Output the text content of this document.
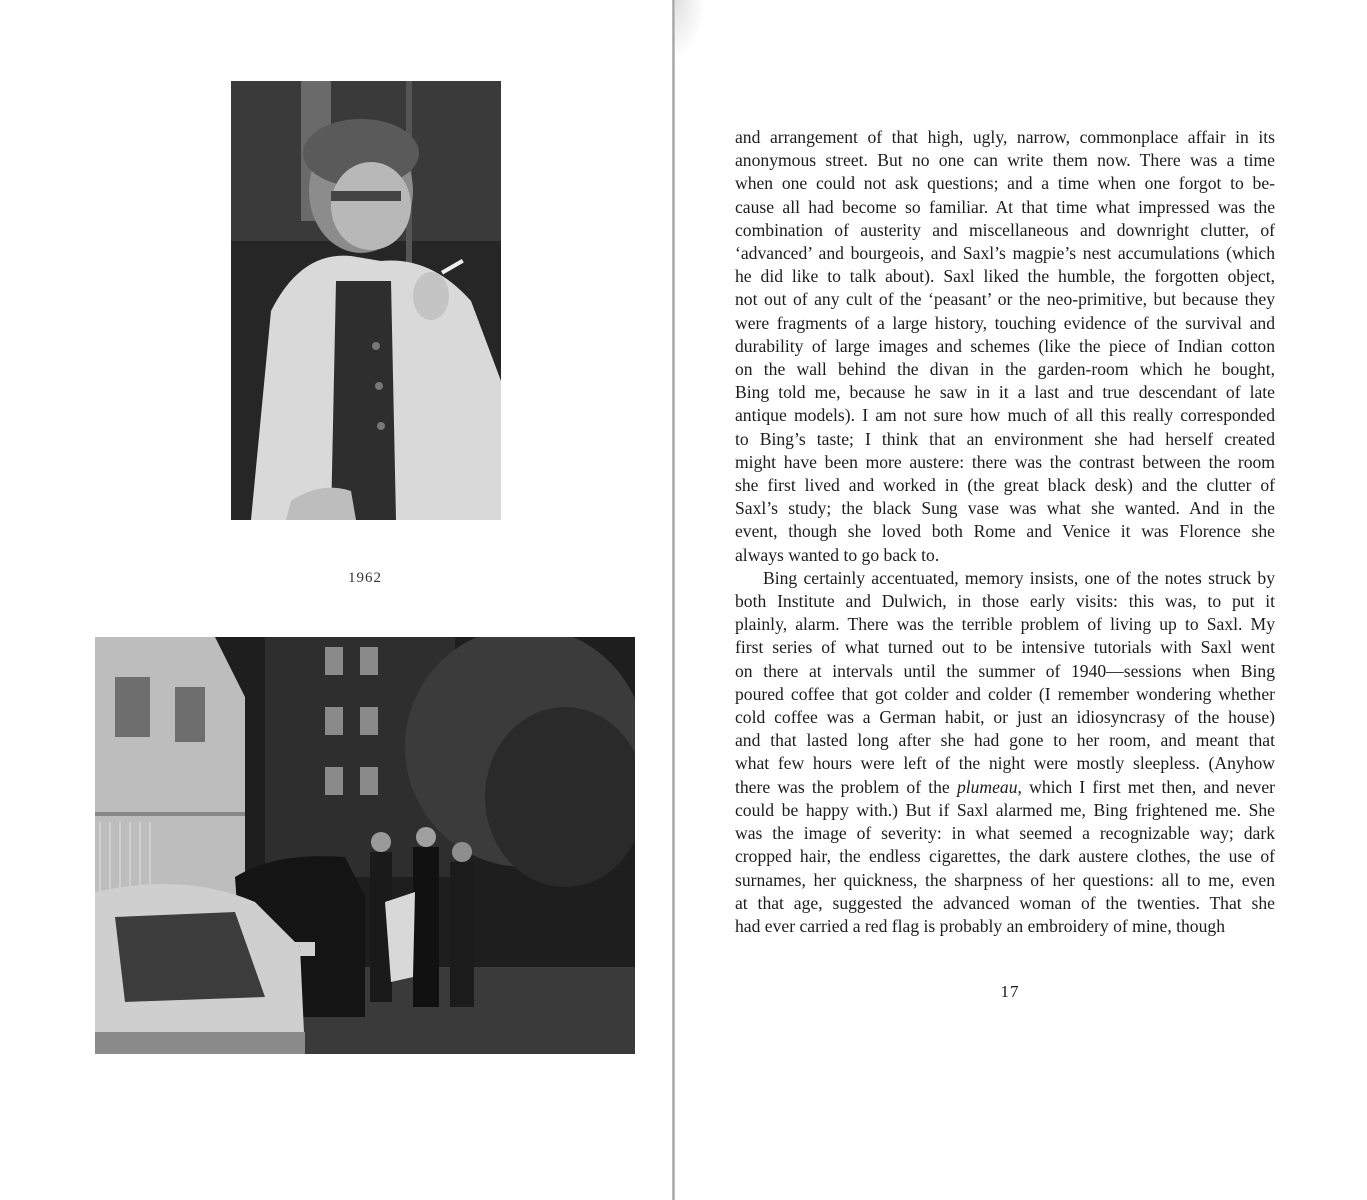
1962
and arrangement of that high, ugly, narrow, commonplace affair in its
anonymous street. But no one can write them now. There was a time
when one could not ask questions; and a time when one forgot to be-
cause all had become so familiar. At that time what impressed was the
combination of austerity and miscellaneous and downright clutter, of
‘advanced’ and bourgeois, and Saxl’s magpie’s nest accumulations (which
he did like to talk about). Saxl liked the humble, the forgotten object,
not out of any cult of the ‘peasant’ or the neo-primitive, but because they
were fragments of a large history, touching evidence of the survival and
durability of large images and schemes (like the piece of Indian cotton
on the wall behind the divan in the garden-room which he bought,
Bing told me, because he saw in it a last and true descendant of late
antique models). I am not sure how much of all this really corresponded
to Bing’s taste; I think that an environment she had herself created
might have been more austere: there was the contrast between the room
she first lived and worked in (the great black desk) and the clutter of
Saxl’s study; the black Sung vase was what she wanted. And in the
event, though she loved both Rome and Venice it was Florence she
always wanted to go back to.
Bing certainly accentuated, memory insists, one of the notes struck by
both Institute and Dulwich, in those early visits: this was, to put it
plainly, alarm. There was the terrible problem of living up to Saxl. My
first series of what turned out to be intensive tutorials with Saxl went
on there at intervals until the summer of 1940—sessions when Bing
poured coffee that got colder and colder (I remember wondering whether
cold coffee was a German habit, or just an idiosyncrasy of the house)
and that lasted long after she had gone to her room, and meant that
what few hours were left of the night were mostly sleepless. (Anyhow
there was the problem of the plumeau, which I first met then, and never
could be happy with.) But if Saxl alarmed me, Bing frightened me. She
was the image of severity: in what seemed a recognizable way; dark
cropped hair, the endless cigarettes, the dark austere clothes, the use of
surnames, her quickness, the sharpness of her questions: all to me, even
at that age, suggested the advanced woman of the twenties. That she
had ever carried a red flag is probably an embroidery of mine, though
17
